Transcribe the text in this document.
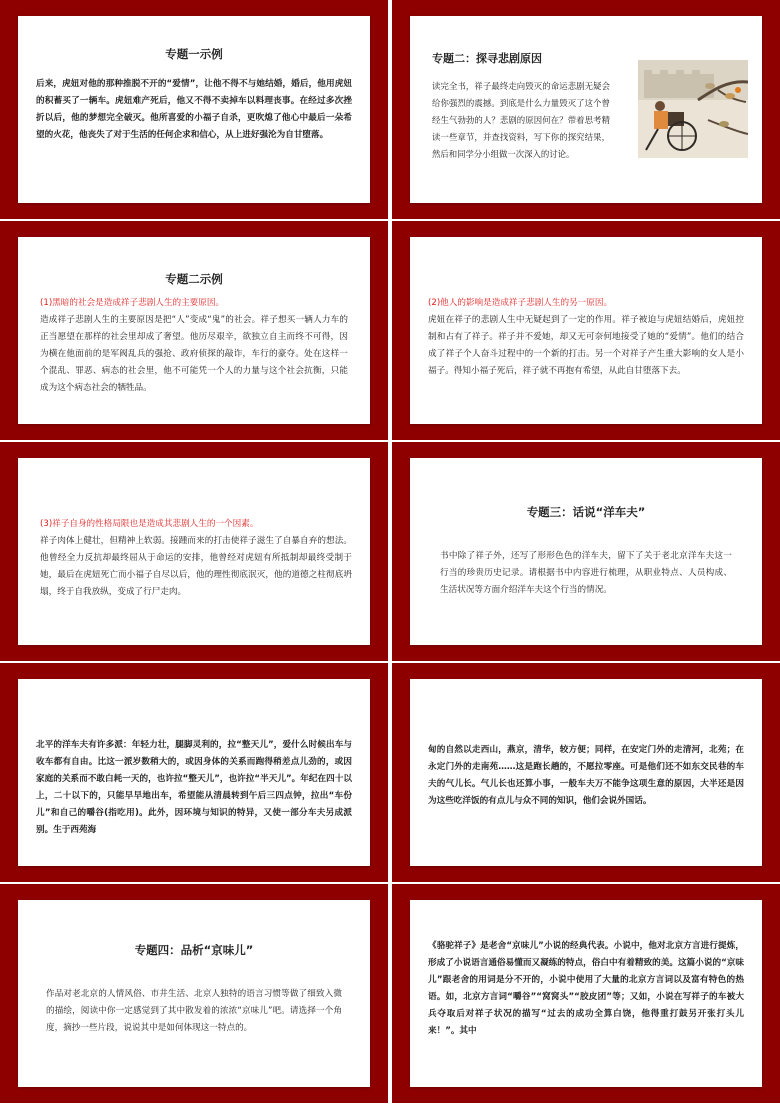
专题一示例
后来，虎妞对他的那种推脱不开的“爱情”，让他不得不与她结婚，婚后，他用虎妞的积蓄买了一辆车。虎妞难产死后，他又不得不卖掉车以料理丧事。在经过多次挫折以后，他的梦想完全破灭。他所喜爱的小福子自杀，更吹熄了他心中最后一朵希望的火花，他丧失了对于生活的任何企求和信心，从上进好强沦为自甘堕落。
专题二：探寻悲剧原因
读完全书，祥子最终走向毁灭的命运悲剧无疑会给你强烈的震撼。到底是什么力量毁灭了这个曾经生气勃勃的人？悲剧的原因何在？带着思考精读一些章节，并查找资料，写下你的探究结果，然后和同学分小组做一次深入的讨论。
专题二示例
(1)黑暗的社会是造成祥子悲剧人生的主要原因。
造成祥子悲剧人生的主要原因是把“人”变成“鬼”的社会。祥子想买一辆人力车的正当愿望在那样的社会里却成了奢望。他历尽艰辛，欲独立自主而终不可得，因为横在他面前的是军阀乱兵的强抢、政府侦探的敲诈，车行的豪夺。处在这样一个混乱、罪恶、病态的社会里，他不可能凭一个人的力量与这个社会抗衡，只能成为这个病态社会的牺牲品。
(2)他人的影响是造成祥子悲剧人生的另一原因。
虎妞在祥子的悲剧人生中无疑起到了一定的作用。祥子被迫与虎妞结婚后，虎妞控制和占有了祥子。祥子并不爱她，却又无可奈何地接受了她的“爱情”。他们的结合成了祥子个人奋斗过程中的一个新的打击。另一个对祥子产生重大影响的女人是小福子。得知小福子死后，祥子就不再抱有希望，从此自甘堕落下去。
(3)祥子自身的性格局限也是造成其悲剧人生的一个因素。
祥子肉体上健壮，但精神上软弱。接踵而来的打击使祥子滋生了自暴自弃的想法。他曾经全力反抗却最终屈从于命运的安排，他曾经对虎妞有所抵制却最终受制于她，最后在虎妞死亡而小福子自尽以后，他的理性彻底泯灭，他的道德之柱彻底坍塌，终于自我放纵，变成了行尸走肉。
专题三：话说“洋车夫”
书中除了祥子外，还写了形形色色的洋车夫，留下了关于老北京洋车夫这一行当的珍贵历史记录。请根据书中内容进行梳理，从职业特点、人员构成、生活状况等方面介绍洋车夫这个行当的情况。
北平的洋车夫有许多派：年轻力壮，腿脚灵利的，拉“整天儿”，爱什么时候出车与收车都有自由。比这一派岁数稍大的，或因身体的关系而跑得稍差点儿劲的，或因家庭的关系而不敢白耗一天的，也许拉“整天儿”，也许拉“半天儿”。年纪在四十以上，二十以下的，只能早早地出车，希望能从清晨转到午后三四点钟，拉出“车份儿”和自己的嚼谷(指吃用)。此外，因环境与知识的特异，又使一部分车夫另成派别。生于西苑海
甸的自然以走西山，燕京，清华，较方便；同样，在安定门外的走清河，北苑；在永定门外的走南苑……这是跑长趟的，不愿拉零座。可是他们还不如东交民巷的车夫的气儿长。气儿长也还算小事，一般车夫万不能争这项生意的原因，大半还是因为这些吃洋饭的有点儿与众不同的知识，他们会说外国话。
专题四：品析“京味儿”
作品对老北京的人情风俗、市井生活、北京人独特的语言习惯等做了细致入微的描绘，阅读中你一定感觉到了其中散发着的浓浓“京味儿”吧。请选择一个角度，摘抄一些片段，说说其中是如何体现这一特点的。
《骆驼祥子》是老舍“京味儿”小说的经典代表。小说中，他对北京方言进行提炼，形成了小说语言通俗易懂而又凝练的特点，俗白中有着精致的美。这篇小说的“京味儿”跟老舍的用词是分不开的，小说中使用了大量的北京方言词以及富有特色的热语。如，北京方言词“嚼谷”“窝窝头”“胶皮团”等；又如，小说在写祥子的车被大兵夺取后对祥子状况的描写“过去的成功全算白饶，他得重打鼓另开张打头儿来！”。其中
